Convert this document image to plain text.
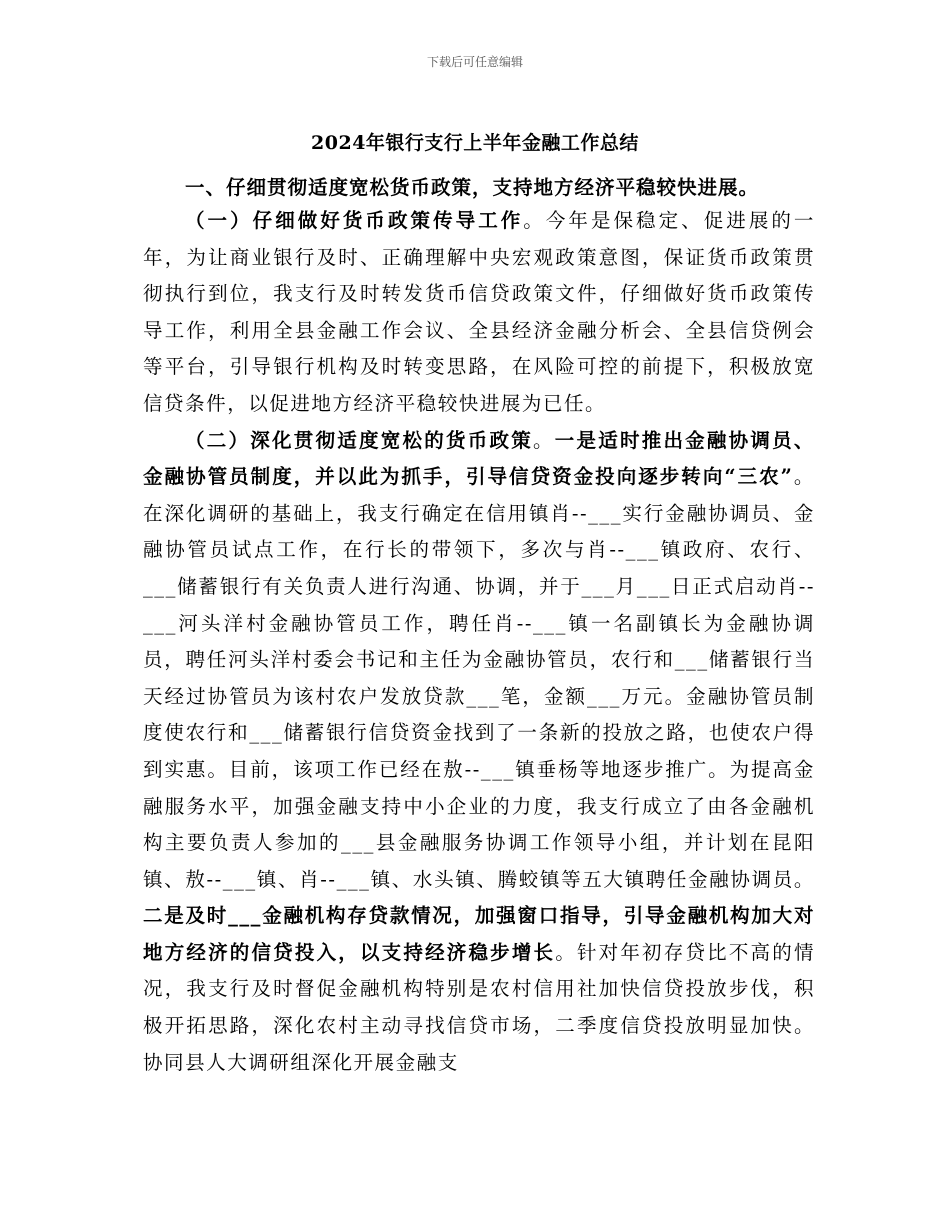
下载后可任意编辑
2024年银行支行上半年金融工作总结
一、仔细贯彻适度宽松货币政策，支持地方经济平稳较快进展。

（一）仔细做好货币政策传导工作。今年是保稳定、促进展的一年，为让商业银行及时、正确理解中央宏观政策意图，保证货币政策贯彻执行到位，我支行及时转发货币信贷政策文件，仔细做好货币政策传导工作，利用全县金融工作会议、全县经济金融分析会、全县信贷例会等平台，引导银行机构及时转变思路，在风险可控的前提下，积极放宽信贷条件，以促进地方经济平稳较快进展为已任。

（二）深化贯彻适度宽松的货币政策。一是适时推出金融协调员、金融协管员制度，并以此为抓手，引导信贷资金投向逐步转向“三农”。在深化调研的基础上，我支行确定在信用镇肖--___实行金融协调员、金融协管员试点工作，在行长的带领下，多次与肖--___镇政府、农行、___储蓄银行有关负责人进行沟通、协调，并于___月___日正式启动肖--___河头洋村金融协管员工作，聘任肖--___镇一名副镇长为金融协调员，聘任河头洋村委会书记和主任为金融协管员，农行和___储蓄银行当天经过协管员为该村农户发放贷款___笔，金额___万元。金融协管员制度使农行和___储蓄银行信贷资金找到了一条新的投放之路，也使农户得到实惠。目前，该项工作已经在敖--___镇垂杨等地逐步推广。为提高金融服务水平，加强金融支持中小企业的力度，我支行成立了由各金融机构主要负责人参加的___县金融服务协调工作领导小组，并计划在昆阳镇、敖--___镇、肖--___镇、水头镇、腾蛟镇等五大镇聘任金融协调员。二是及时___金融机构存贷款情况，加强窗口指导，引导金融机构加大对地方经济的信贷投入，以支持经济稳步增长。针对年初存贷比不高的情况，我支行及时督促金融机构特别是农村信用社加快信贷投放步伐，积极开拓思路，深化农村主动寻找信贷市场，二季度信贷投放明显加快。协同县人大调研组深化开展金融支
